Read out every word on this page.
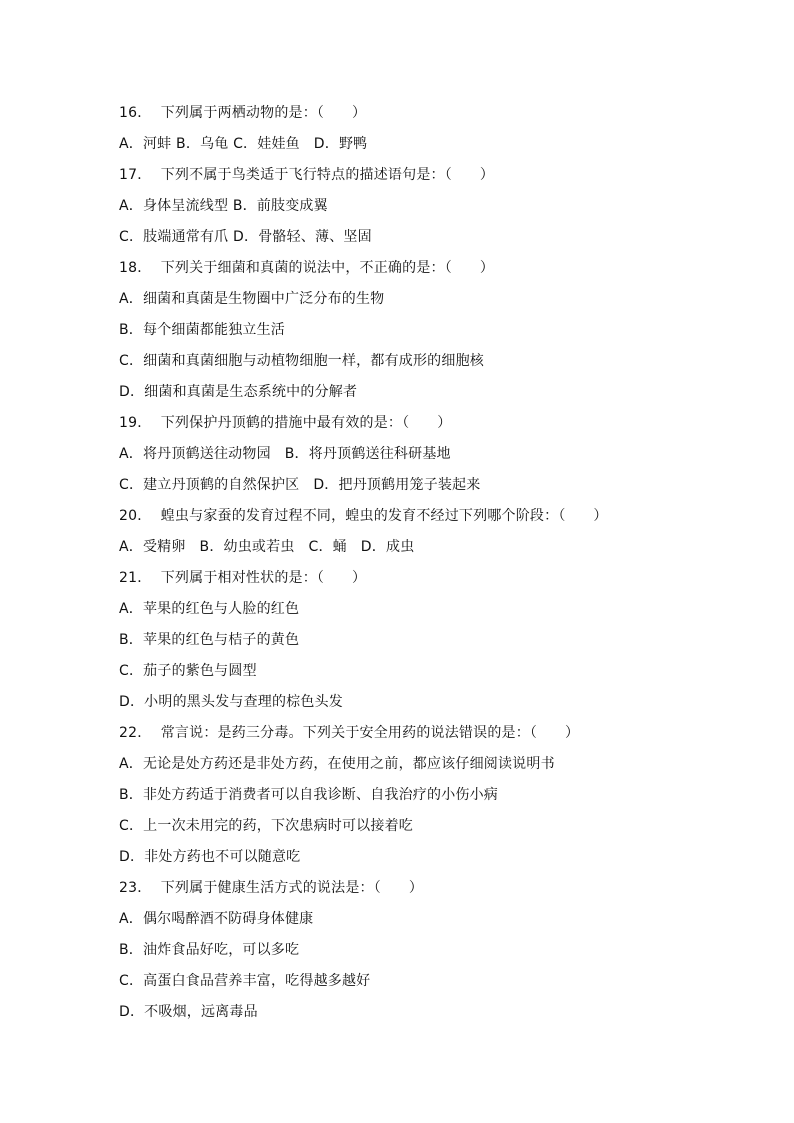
16．  下列属于两栖动物的是：（      ）
A．河蚌 B．乌龟 C．娃娃鱼   D．野鸭
17．  下列不属于鸟类适于飞行特点的描述语句是：（      ）
A．身体呈流线型 B．前肢变成翼
C．肢端通常有爪 D．骨骼轻、薄、坚固
18．  下列关于细菌和真菌的说法中，不正确的是：（      ）
A．细菌和真菌是生物圈中广泛分布的生物
B．每个细菌都能独立生活
C．细菌和真菌细胞与动植物细胞一样，都有成形的细胞核
D．细菌和真菌是生态系统中的分解者
19．  下列保护丹顶鹤的措施中最有效的是：（      ）
A．将丹顶鹤送往动物园   B．将丹顶鹤送往科研基地
C．建立丹顶鹤的自然保护区   D．把丹顶鹤用笼子装起来
20．  蝗虫与家蚕的发育过程不同，蝗虫的发育不经过下列哪个阶段：（      ）
A．受精卵   B．幼虫或若虫   C．蛹   D．成虫
21．  下列属于相对性状的是：（      ）
A．苹果的红色与人脸的红色
B．苹果的红色与桔子的黄色
C．茄子的紫色与圆型
D．小明的黑头发与查理的棕色头发
22．  常言说：是药三分毒。下列关于安全用药的说法错误的是：（      ）
A．无论是处方药还是非处方药，在使用之前，都应该仔细阅读说明书
B．非处方药适于消费者可以自我诊断、自我治疗的小伤小病
C．上一次未用完的药，下次患病时可以接着吃
D．非处方药也不可以随意吃
23．  下列属于健康生活方式的说法是：（      ）
A．偶尔喝醉酒不防碍身体健康
B．油炸食品好吃，可以多吃
C．高蛋白食品营养丰富，吃得越多越好
D．不吸烟，远离毒品
